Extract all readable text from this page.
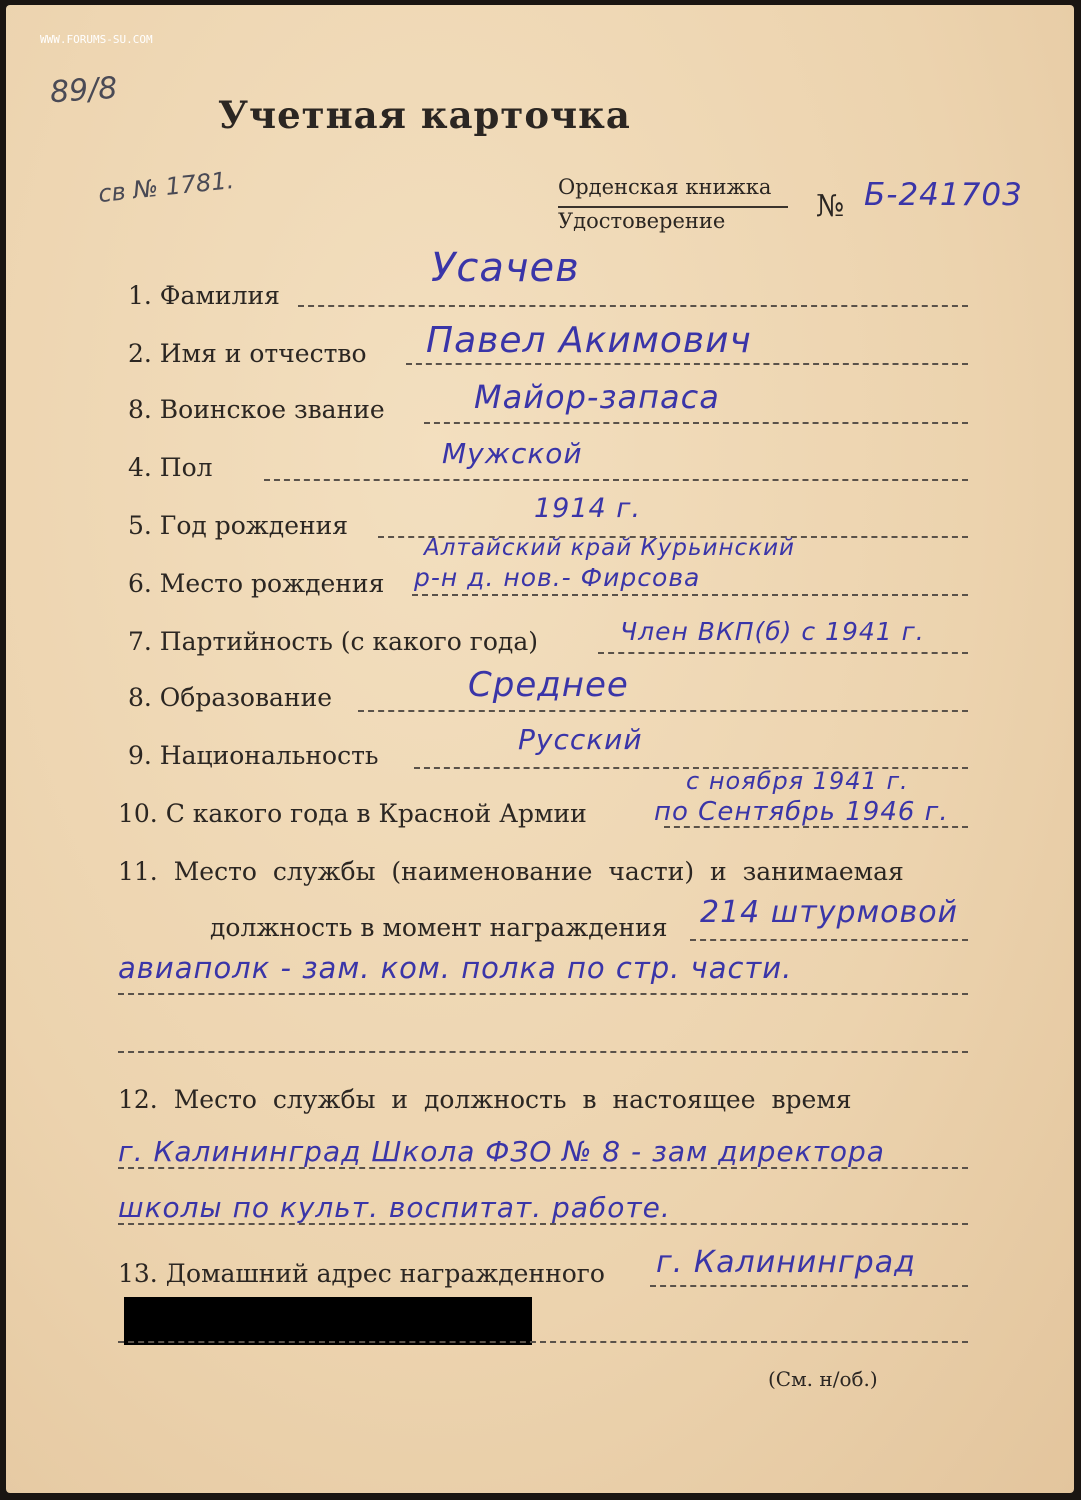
WWW.FORUMS-SU.COM
89/8
Учетная карточка
св № 1781.	Орденская книжка
Удостоверение	№ Б-241703
1. Фамилия
Усачев
2. Имя и отчество Павел Акимович
8. Воинское звание	Майор-запаса
4. Пол	Мужской
5. Год рождения
1914 г.
6. Место рождения
Алтайский край Курьинский
р-н д. нов.- Фирсова
7. Партийность (с какого года)	Член ВКП(б) с 1941 г.
8. Образование	Среднее
9. Национальность	Русский
10. С какого года в Красной Армии
с ноября 1941 г.
по Сентябрь 1946 г.
11. Место службы (наименование части) и занимаемая
должность в момент награждения 214 штурмовой
авиаполк - зам. ком. полка по стр. части.
12. Место службы и должность в настоящее время
г. Калининград Школа ФЗО № 8 - зам директора
школы по культ. воспитат. работе.
13. Домашний адрес награжденного г. Калининград
(См. н/об.)
